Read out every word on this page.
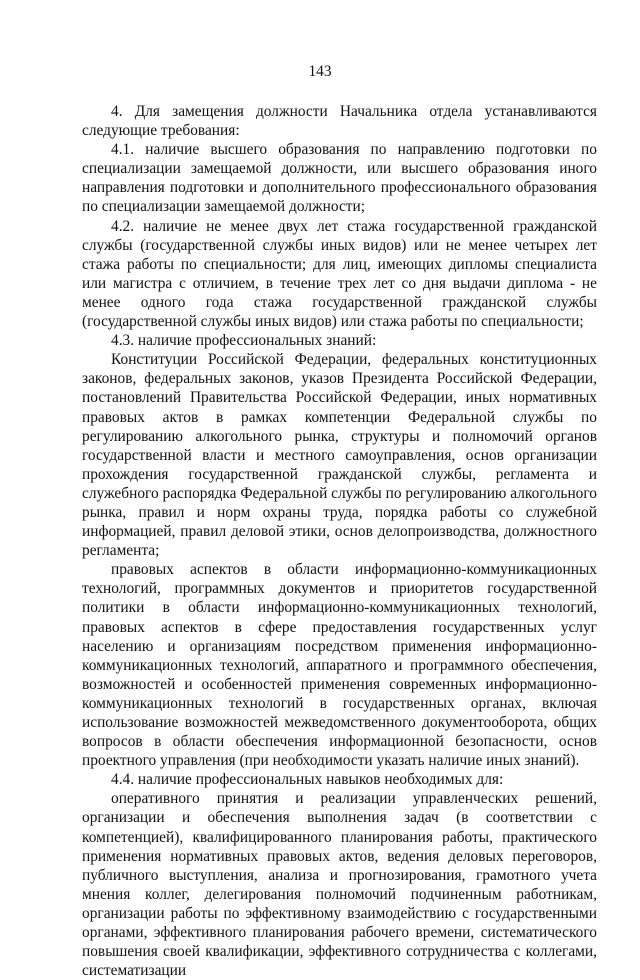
143

4. Для замещения должности Начальника отдела устанавливаются следующие требования:

4.1. наличие высшего образования по направлению подготовки по специализации замещаемой должности, или высшего образования иного направления подготовки и дополнительного профессионального образования по специализации замещаемой должности;

4.2. наличие не менее двух лет стажа государственной гражданской службы (государственной службы иных видов) или не менее четырех лет стажа работы по специальности; для лиц, имеющих дипломы специалиста или магистра с отличием, в течение трех лет со дня выдачи диплома - не менее одного года стажа государственной гражданской службы (государственной службы иных видов) или стажа работы по специальности;

4.3. наличие профессиональных знаний:

Конституции Российской Федерации, федеральных конституционных законов, федеральных законов, указов Президента Российской Федерации, постановлений Правительства Российской Федерации, иных нормативных правовых актов в рамках компетенции Федеральной службы по регулированию алкогольного рынка, структуры и полномочий органов государственной власти и местного самоуправления, основ организации прохождения государственной гражданской службы, регламента и служебного распорядка Федеральной службы по регулированию алкогольного рынка, правил и норм охраны труда, порядка работы со служебной информацией, правил деловой этики, основ делопроизводства, должностного регламента;

правовых аспектов в области информационно-коммуникационных технологий, программных документов и приоритетов государственной политики в области информационно-коммуникационных технологий, правовых аспектов в сфере предоставления государственных услуг населению и организациям посредством применения информационно-коммуникационных технологий, аппаратного и программного обеспечения, возможностей и особенностей применения современных информационно-коммуникационных технологий в государственных органах, включая использование возможностей межведомственного документооборота, общих вопросов в области обеспечения информационной безопасности, основ проектного управления (при необходимости указать наличие иных знаний).

4.4. наличие профессиональных навыков необходимых для:

оперативного принятия и реализации управленческих решений, организации и обеспечения выполнения задач (в соответствии с компетенцией), квалифицированного планирования работы, практического применения нормативных правовых актов, ведения деловых переговоров, публичного выступления, анализа и прогнозирования, грамотного учета мнения коллег, делегирования полномочий подчиненным работникам, организации работы по эффективному взаимодействию с государственными органами, эффективного планирования рабочего времени, систематического повышения своей квалификации, эффективного сотрудничества с коллегами, систематизации
